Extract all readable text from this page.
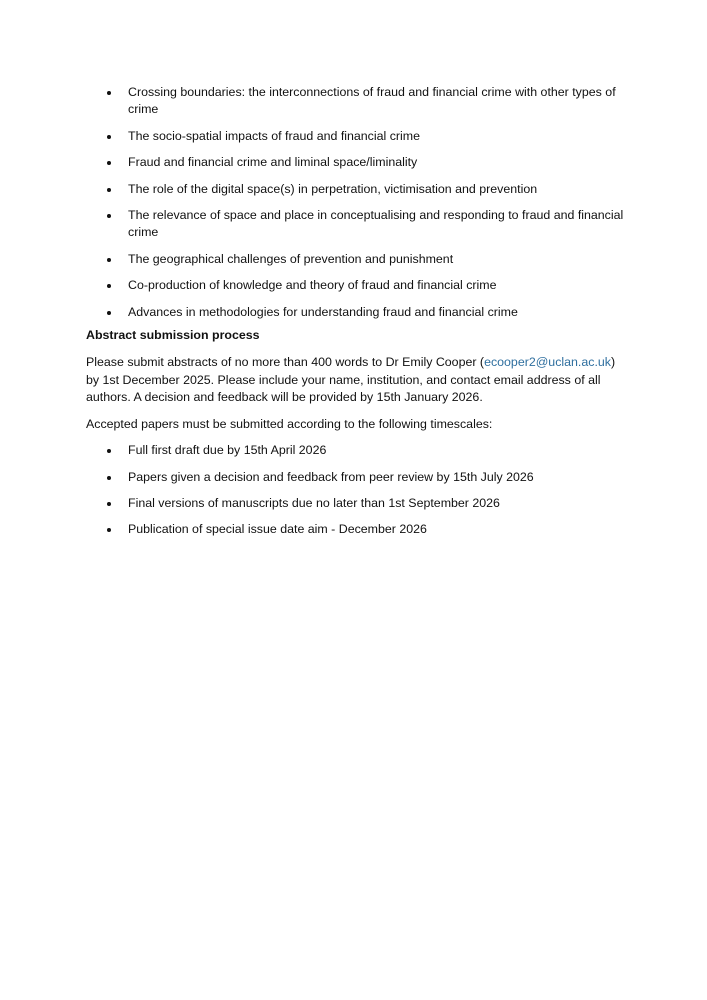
Crossing boundaries: the interconnections of fraud and financial crime with other types of crime
The socio-spatial impacts of fraud and financial crime
Fraud and financial crime and liminal space/liminality
The role of the digital space(s) in perpetration, victimisation and prevention
The relevance of space and place in conceptualising and responding to fraud and financial crime
The geographical challenges of prevention and punishment
Co-production of knowledge and theory of fraud and financial crime
Advances in methodologies for understanding fraud and financial crime
Abstract submission process

Please submit abstracts of no more than 400 words to Dr Emily Cooper (ecooper2@uclan.ac.uk) by 1st December 2025. Please include your name, institution, and contact email address of all authors. A decision and feedback will be provided by 15th January 2026.

Accepted papers must be submitted according to the following timescales:

Full first draft due by 15th April 2026
Papers given a decision and feedback from peer review by 15th July 2026
Final versions of manuscripts due no later than 1st September 2026
Publication of special issue date aim - December 2026
